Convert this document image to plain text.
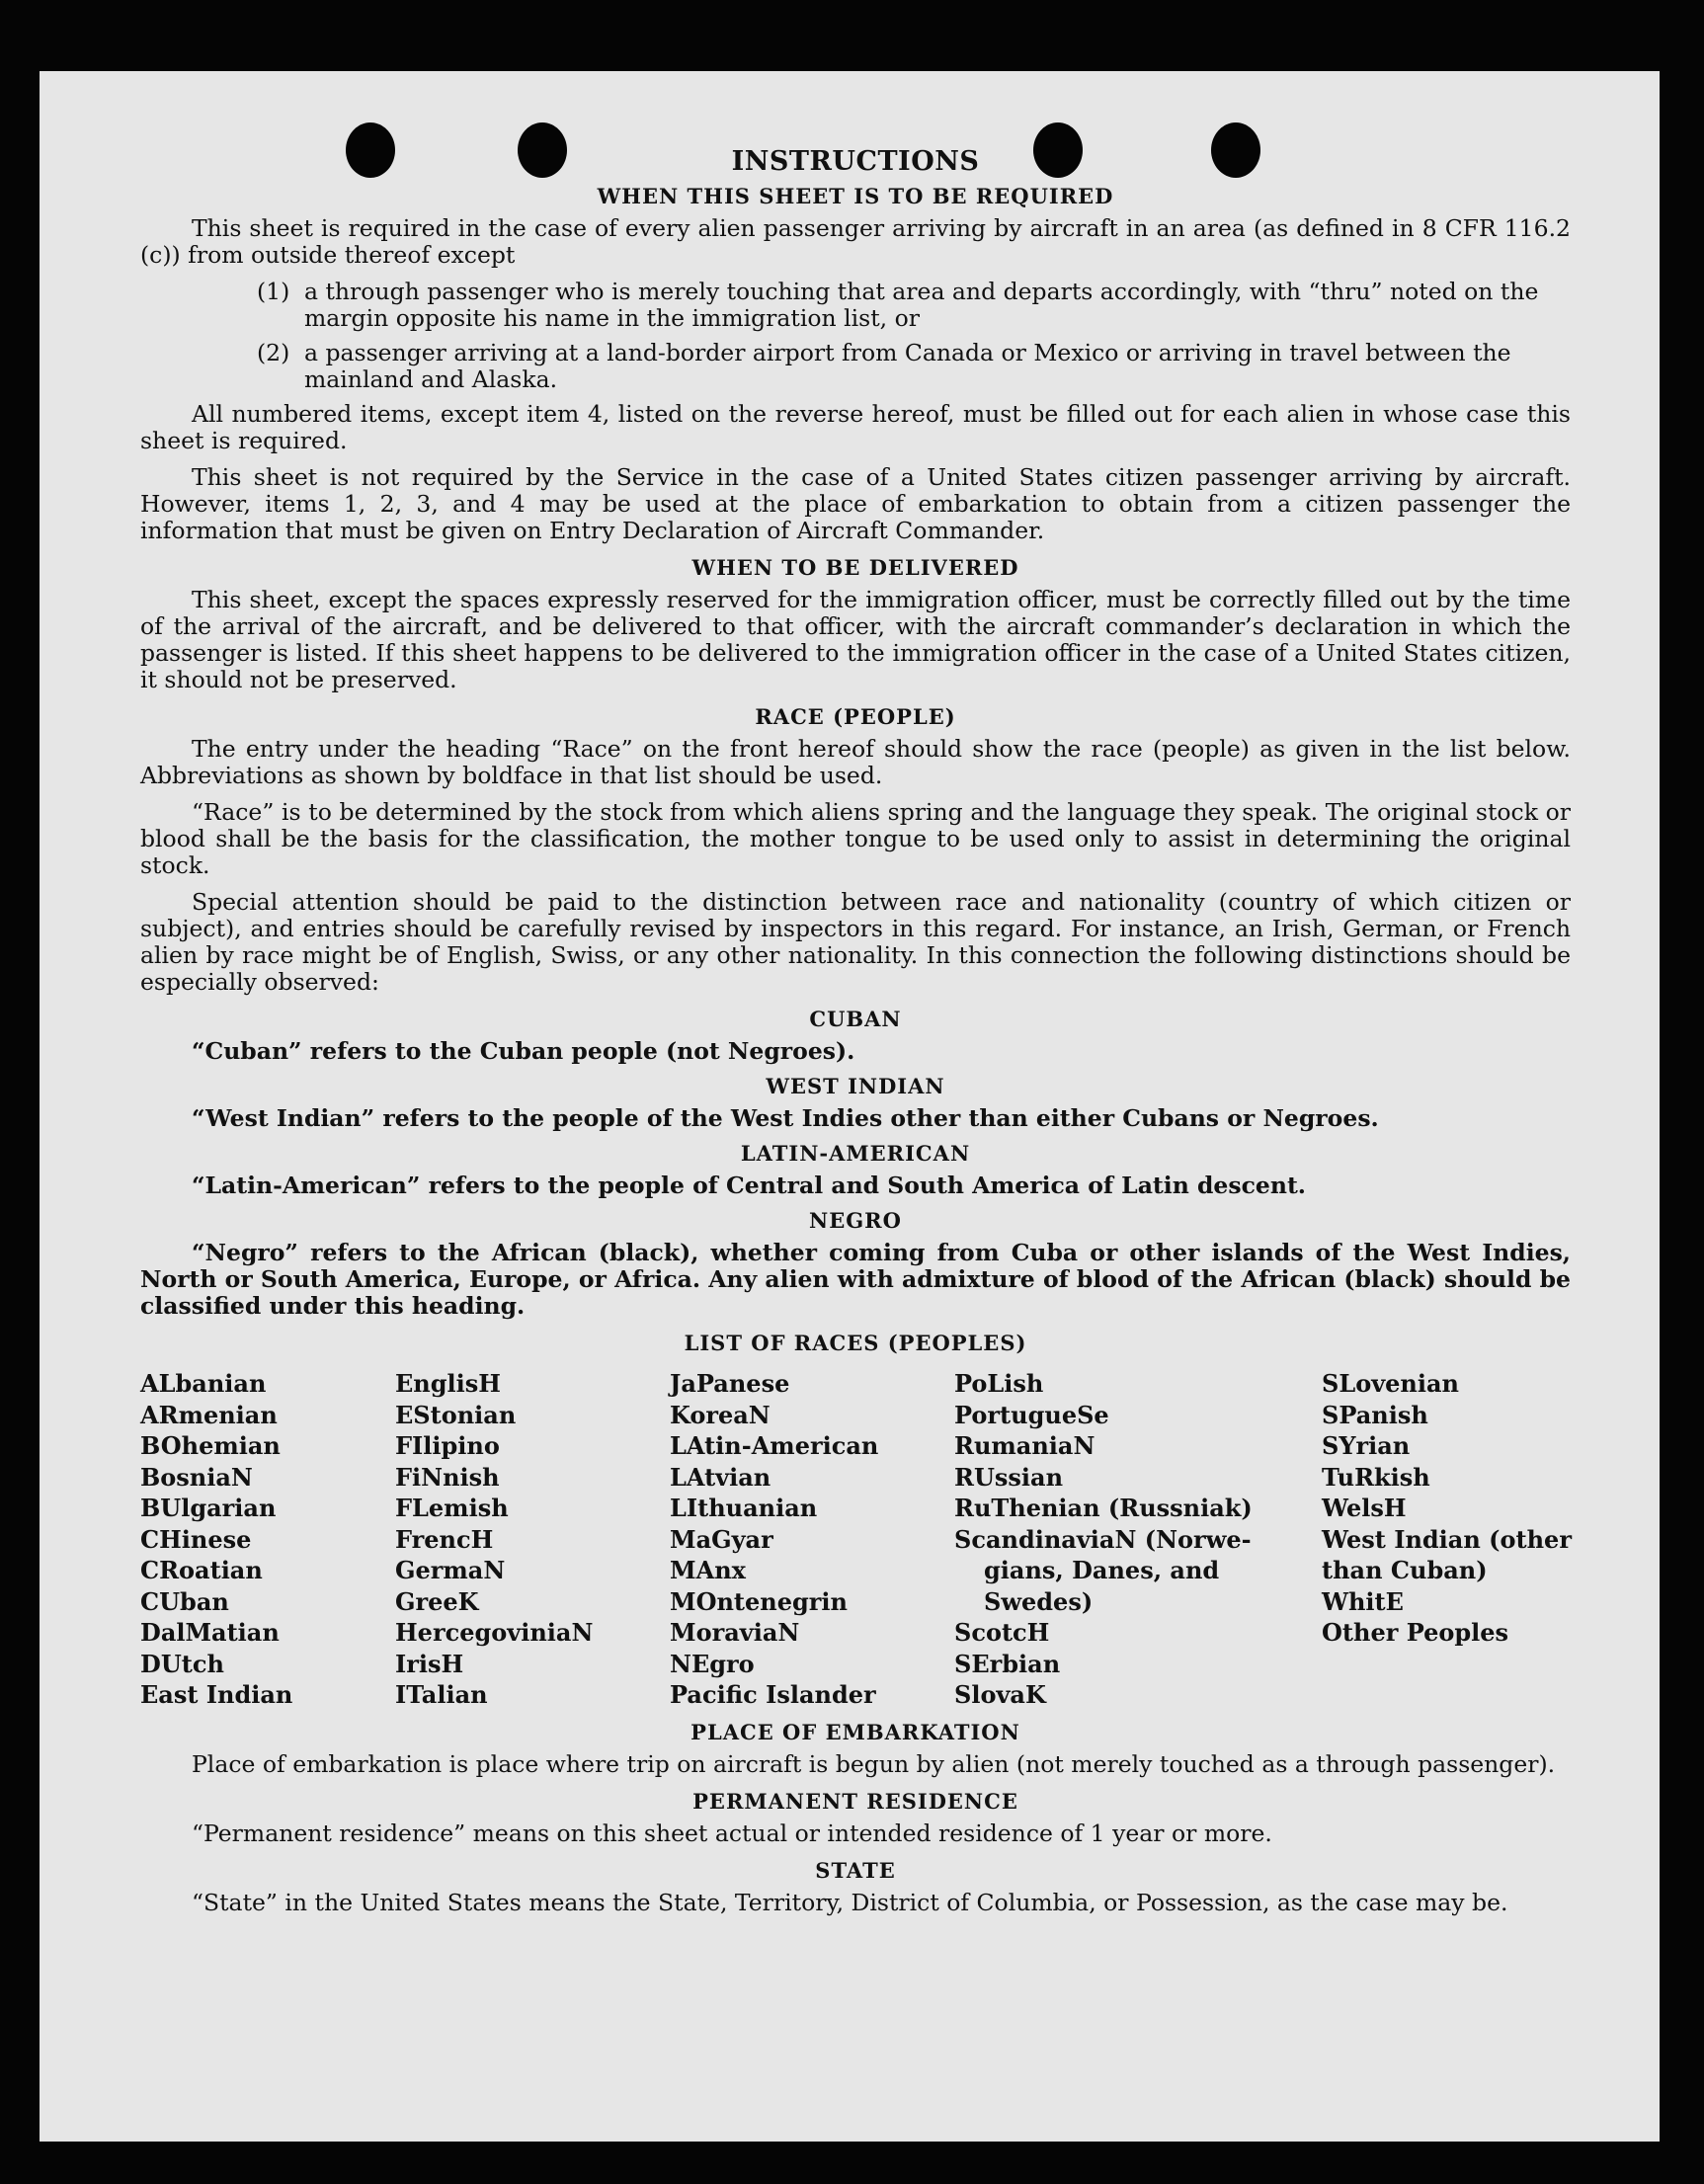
INSTRUCTIONS
WHEN THIS SHEET IS TO BE REQUIRED

This sheet is required in the case of every alien passenger arriving by aircraft in an area (as defined in 8 CFR 116.2 (c)) from outside thereof except

(1) a through passenger who is merely touching that area and departs accordingly, with “thru” noted on the margin opposite his name in the immigration list, or
(2) a passenger arriving at a land-border airport from Canada or Mexico or arriving in travel between the mainland and Alaska.

All numbered items, except item 4, listed on the reverse hereof, must be filled out for each alien in whose case this sheet is required.

This sheet is not required by the Service in the case of a United States citizen passenger arriving by aircraft. However, items 1, 2, 3, and 4 may be used at the place of embarkation to obtain from a citizen passenger the information that must be given on Entry Declaration of Aircraft Commander.

WHEN TO BE DELIVERED

This sheet, except the spaces expressly reserved for the immigration officer, must be correctly filled out by the time of the arrival of the aircraft, and be delivered to that officer, with the aircraft commander’s declaration in which the passenger is listed. If this sheet happens to be delivered to the immigration officer in the case of a United States citizen, it should not be preserved.

RACE (PEOPLE)

The entry under the heading “Race” on the front hereof should show the race (people) as given in the list below. Abbreviations as shown by boldface in that list should be used.

“Race” is to be determined by the stock from which aliens spring and the language they speak. The original stock or blood shall be the basis for the classification, the mother tongue to be used only to assist in determining the original stock.

Special attention should be paid to the distinction between race and nationality (country of which citizen or subject), and entries should be carefully revised by inspectors in this regard. For instance, an Irish, German, or French alien by race might be of English, Swiss, or any other nationality. In this connection the following distinctions should be especially observed:

CUBAN
“Cuban” refers to the Cuban people (not Negroes).
WEST INDIAN
“West Indian” refers to the people of the West Indies other than either Cubans or Negroes.
LATIN-AMERICAN
“Latin-American” refers to the people of Central and South America of Latin descent.
NEGRO

“Negro” refers to the African (black), whether coming from Cuba or other islands of the West Indies, North or South America, Europe, or Africa. Any alien with admixture of blood of the African (black) should be classified under this heading.

LIST OF RACES (PEOPLES)
ALbanian
ARmenian
BOhemian
BosniaN
BUlgarian
CHinese
CRoatian
CUban
DalMatian
DUtch
East Indian
EnglisH
EStonian
FIlipino
FiNnish
FLemish
FrencH
GermaN
GreeK
HercegoviniaN
IrisH
ITalian
JaPanese
KoreaN
LAtin-American
LAtvian
LIthuanian
MaGyar
MAnx
MOntenegrin
MoraviaN
NEgro
Pacific Islander
PoLish
PortugueSe
RumaniaN
RUssian
RuThenian (Russniak)
ScandinaviaN (Norwe-
gians, Danes, and
Swedes)
ScotcH
SErbian
SlovaK
SLovenian
SPanish
SYrian
TuRkish
WelsH
West Indian (other
than Cuban)
WhitE
Other Peoples
PLACE OF EMBARKATION

Place of embarkation is place where trip on aircraft is begun by alien (not merely touched as a through passenger).

PERMANENT RESIDENCE

“Permanent residence” means on this sheet actual or intended residence of 1 year or more.

STATE

“State” in the United States means the State, Territory, District of Columbia, or Possession, as the case may be.
